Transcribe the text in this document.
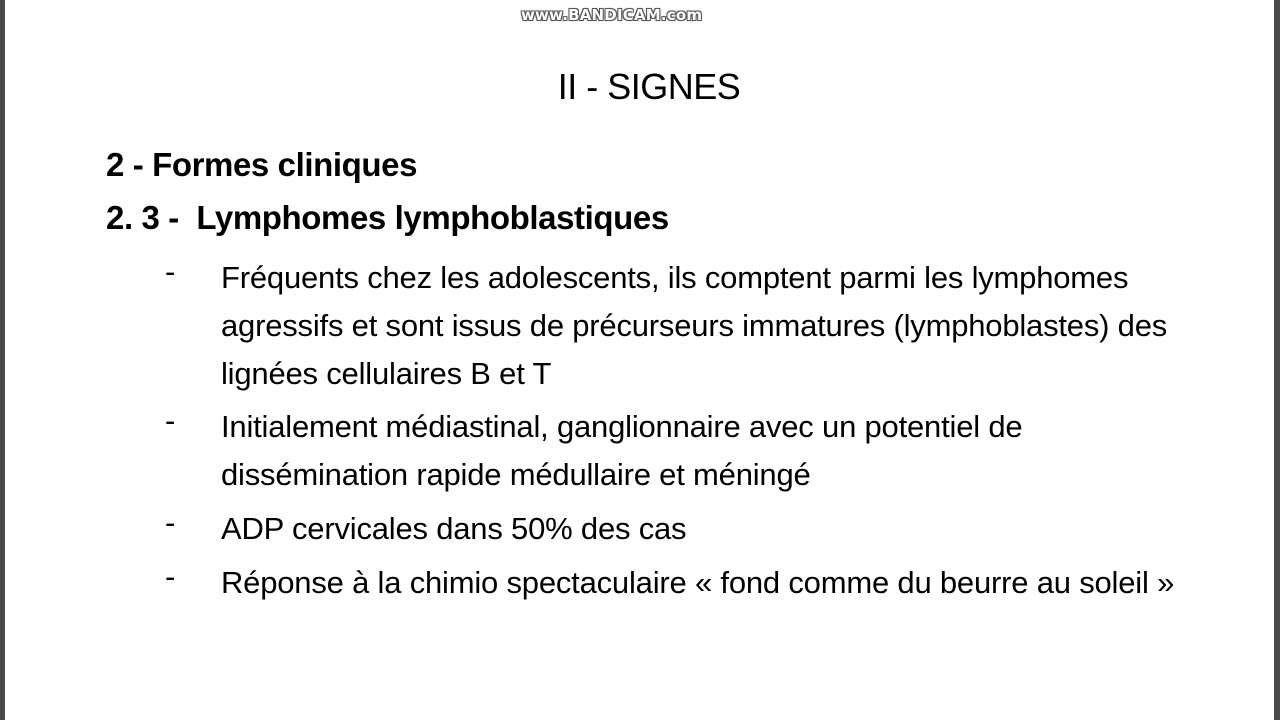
www.BANDICAM.com
II - SIGNES
2 - Formes cliniques
2. 3 -  Lymphomes lymphoblastiques
- Fréquents chez les adolescents, ils comptent parmi les lymphomes agressifs et sont issus de précurseurs immatures (lymphoblastes) des lignées cellulaires B et T
- Initialement médiastinal, ganglionnaire avec un potentiel de dissémination rapide médullaire et méningé
- ADP cervicales dans 50% des cas
- Réponse à la chimio spectaculaire « fond comme du beurre au soleil »
